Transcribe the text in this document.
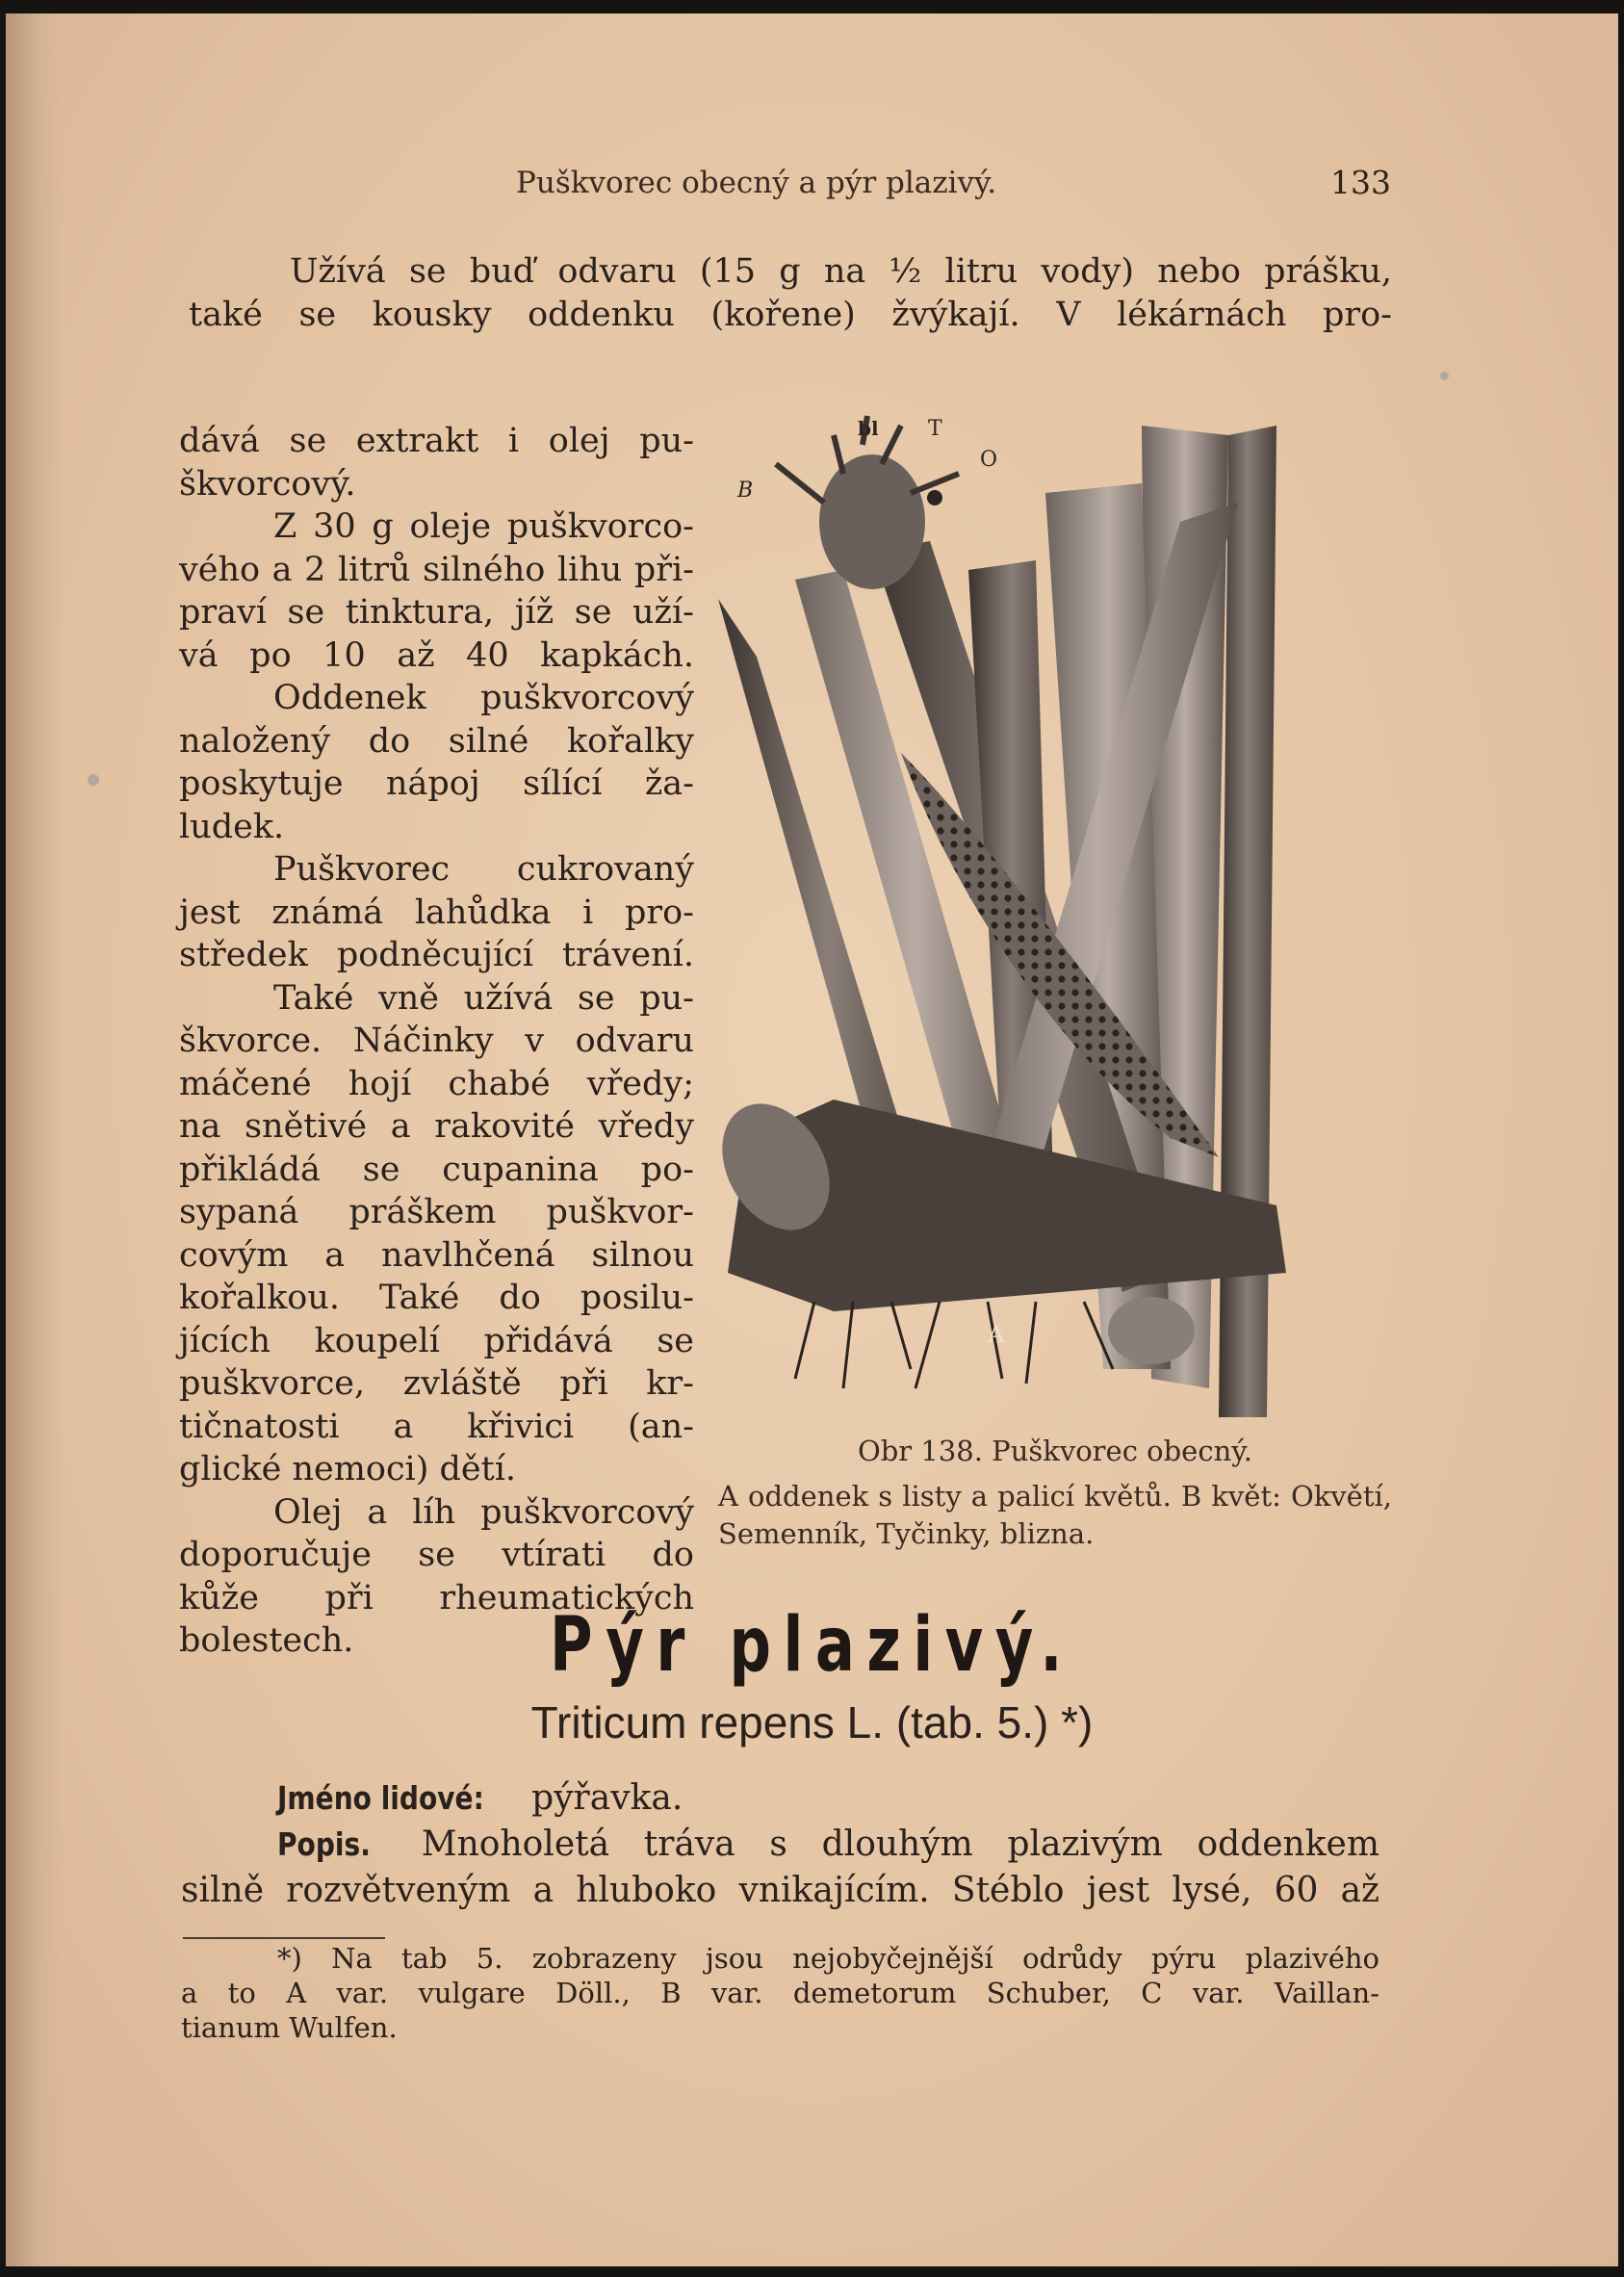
Puškvorec obecný a pýr plazivý.	133
Užívá se buď odvaru (15 g na ½ litru vody) nebo prášku,
také se kousky oddenku (kořene) žvýkají. V lékárnách pro-
dává se extrakt i olej pu-
škvorcový.
Z 30 g oleje puškvorco-
vého a 2 litrů silného lihu při-
praví se tinktura, jíž se uží-
vá po 10 až 40 kapkách.
Oddenek puškvorcový
naložený do silné kořalky
poskytuje nápoj sílící ža-
ludek.
Puškvorec cukrovaný
jest známá lahůdka i pro-
středek podněcující trávení.
Také vně užívá se pu-
škvorce. Náčinky v odvaru
máčené hojí chabé vředy;
na snětivé a rakovité vředy
přikládá se cupanina po-
sypaná práškem puškvor-
covým a navlhčená silnou
kořalkou. Také do posilu-
jících koupelí přidává se
puškvorce, zvláště při kr-
tičnatosti a křivici (an-
glické nemoci) dětí.
Olej a líh puškvorcový
doporučuje se vtírati do
kůže při rheumatických
bolestech.
bl T
O
B
A
Obr 138. Puškvorec obecný.
A oddenek s listy a palicí květů. B květ: Okvětí, Semenník, Tyčinky, blizna.
Pýr plazivý.
Triticum repens L. (tab. 5.) *)
Jméno lidové: pýřavka.
Popis. Mnoholetá tráva s dlouhým plazivým oddenkem
silně rozvětveným a hluboko vnikajícím. Stéblo jest lysé, 60 až
*) Na tab 5. zobrazeny jsou nejobyčejnější odrůdy pýru plazivého
a to A var. vulgare Döll., B var. demetorum Schuber, C var. Vaillan-
tianum Wulfen.
